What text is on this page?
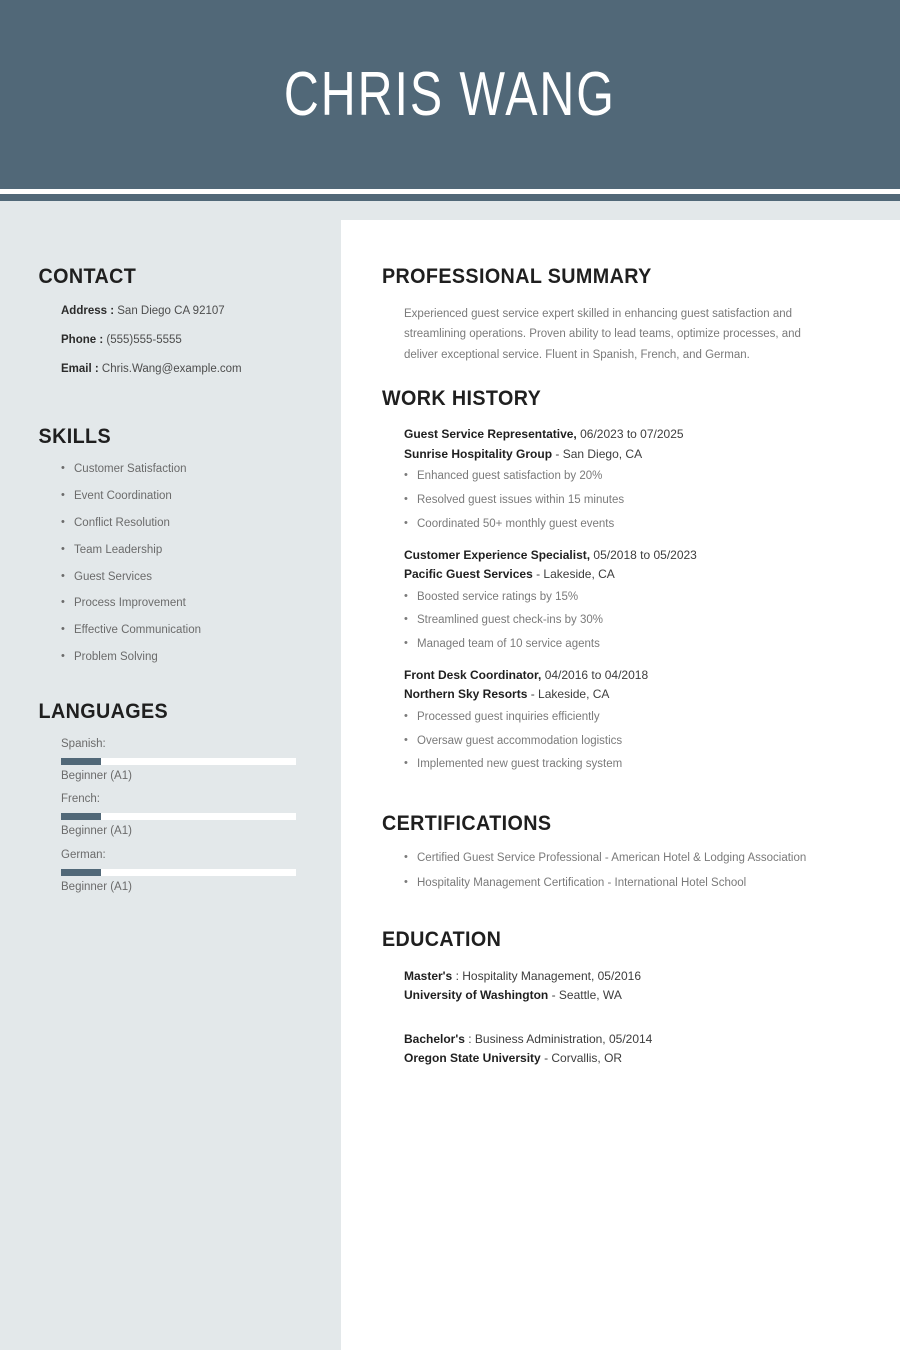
CHRIS WANG
CONTACT
Address : San Diego CA 92107
Phone : (555)555-5555
Email : Chris.Wang@example.com
SKILLS
• Customer Satisfaction
• Event Coordination
• Conflict Resolution
• Team Leadership
• Guest Services
• Process Improvement
• Effective Communication
• Problem Solving
LANGUAGES
Spanish:
Beginner (A1)
French:
Beginner (A1)
German:
Beginner (A1)
PROFESSIONAL SUMMARY

Experienced guest service expert skilled in enhancing guest satisfaction and streamlining operations. Proven ability to lead teams, optimize processes, and deliver exceptional service. Fluent in Spanish, French, and German.

WORK HISTORY
Guest Service Representative, 06/2023 to 07/2025
Sunrise Hospitality Group - San Diego, CA
• Enhanced guest satisfaction by 20%
• Resolved guest issues within 15 minutes
• Coordinated 50+ monthly guest events
Customer Experience Specialist, 05/2018 to 05/2023
Pacific Guest Services - Lakeside, CA
• Boosted service ratings by 15%
• Streamlined guest check-ins by 30%
• Managed team of 10 service agents
Front Desk Coordinator, 04/2016 to 04/2018
Northern Sky Resorts - Lakeside, CA
• Processed guest inquiries efficiently
• Oversaw guest accommodation logistics
• Implemented new guest tracking system
CERTIFICATIONS
• Certified Guest Service Professional - American Hotel & Lodging Association
• Hospitality Management Certification - International Hotel School
EDUCATION
Master's : Hospitality Management, 05/2016
University of Washington - Seattle, WA
Bachelor's : Business Administration, 05/2014
Oregon State University - Corvallis, OR
